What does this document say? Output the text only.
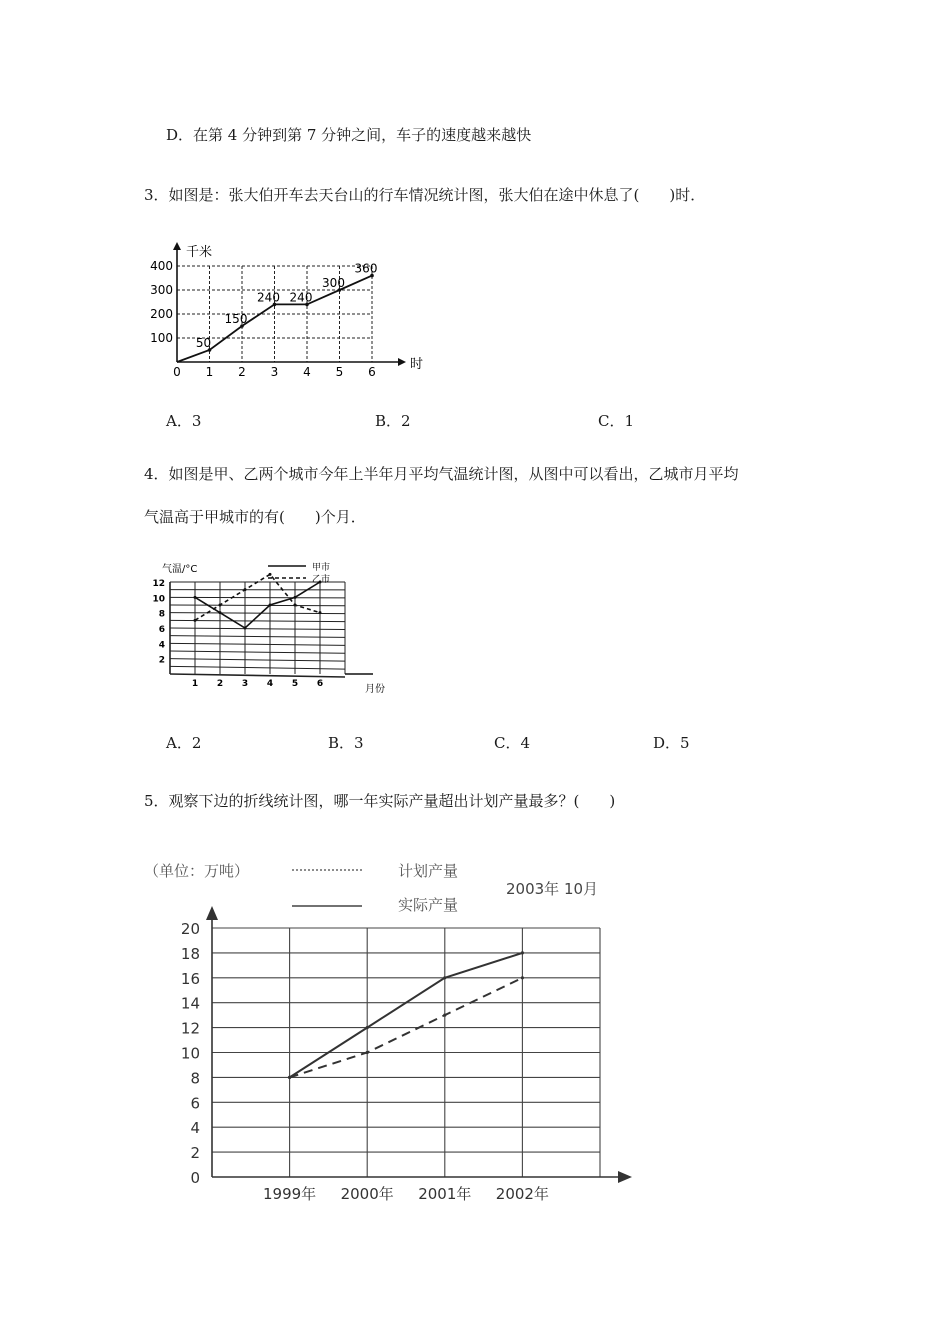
D．在第 4 分钟到第 7 分钟之间，车子的速度越来越快
3．如图是：张大伯开车去天台山的行车情况统计图，张大伯在途中休息了(　　)时．
千米
时
400
300
200
100
0 1 2 3 4 5 6
50
150
240 240
300
360
A．3	B．2	C．1
4．如图是甲、乙两个城市今年上半年月平均气温统计图，从图中可以看出，乙城市月平均
气温高于甲城市的有(　　)个月．
气温/°C
月份
12
10
8
6
4
2
1 2 3 4 5 6
甲市
乙市
A．2	B．3	C．4	D．5
5．观察下边的折线统计图，哪一年实际产量超出计划产量最多？(　　)
（单位：万吨）	计划产量
实际产量
2003年 10月
20
18
16
14
12
10
8
6
4
2
0
1999年 2000年 2001年 2002年
